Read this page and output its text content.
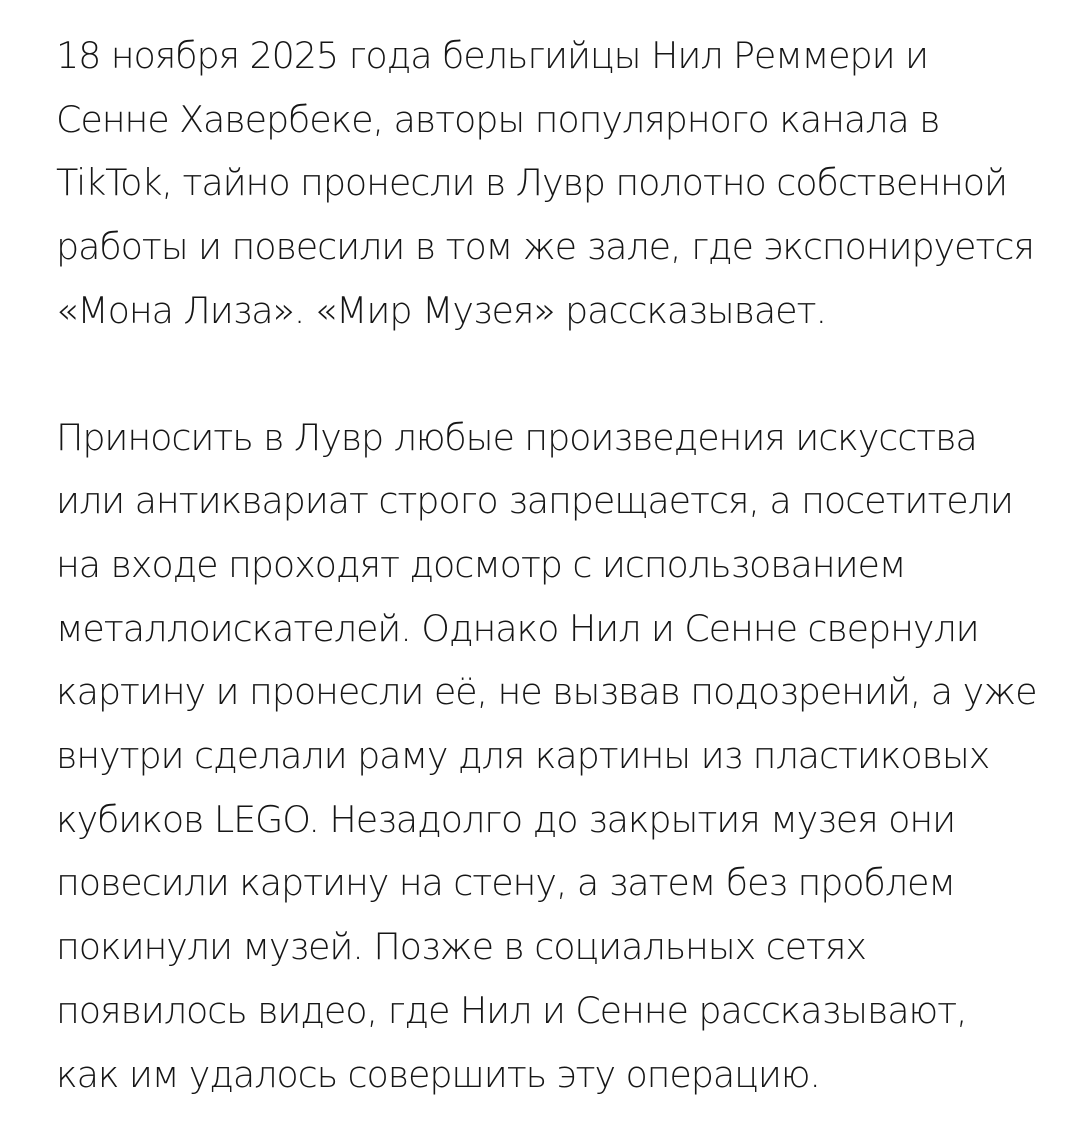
18 ноября 2025 года бельгийцы Нил Реммери и
Сенне Хавербеке, авторы популярного канала в
TikTok, тайно пронесли в Лувр полотно собственной
работы и повесили в том же зале, где экспонируется
«Мона Лиза». «Мир Музея» рассказывает.

Приносить в Лувр любые произведения искусства
или антиквариат строго запрещается, а посетители
на входе проходят досмотр с использованием
металлоискателей. Однако Нил и Сенне свернули
картину и пронесли её, не вызвав подозрений, а уже
внутри сделали раму для картины из пластиковых
кубиков LEGO. Незадолго до закрытия музея они
повесили картину на стену, а затем без проблем
покинули музей. Позже в социальных сетях
появилось видео, где Нил и Сенне рассказывают,
как им удалось совершить эту операцию.
